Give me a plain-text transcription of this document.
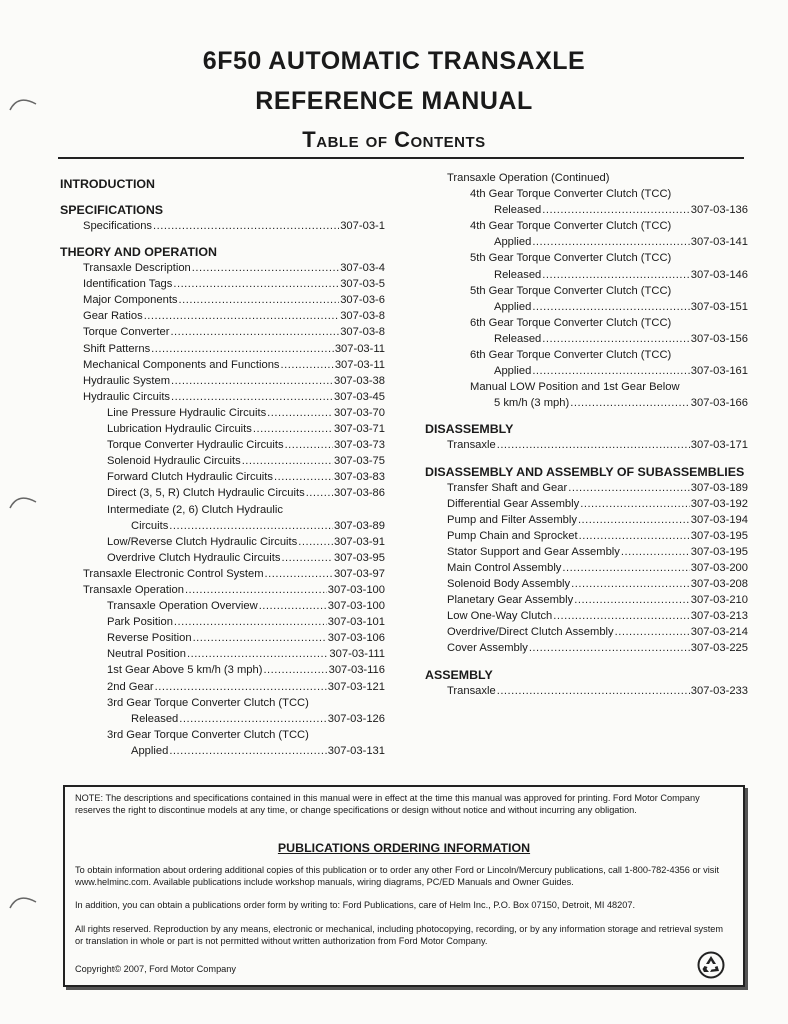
6F50 AUTOMATIC TRANSAXLE
REFERENCE MANUAL
Table of Contents
INTRODUCTION
SPECIFICATIONS
Specifications .....	307-03-1
THEORY AND OPERATION
Transaxle Description .....	307-03-4
Identification Tags .....	307-03-5
Major Components .....	307-03-6
Gear Ratios .....	307-03-8
Torque Converter .....	307-03-8
Shift Patterns .....	307-03-11
Mechanical Components and Functions .....	307-03-11
Hydraulic System .....	307-03-38
Hydraulic Circuits .....	307-03-45
Line Pressure Hydraulic Circuits .....	307-03-70
Lubrication Hydraulic Circuits .....	307-03-71
Torque Converter Hydraulic Circuits .....	307-03-73
Solenoid Hydraulic Circuits .....	307-03-75
Forward Clutch Hydraulic Circuits .....	307-03-83
Direct (3, 5, R) Clutch Hydraulic Circuits .....	307-03-86
Intermediate (2, 6) Clutch Hydraulic
Circuits .....	307-03-89
Low/Reverse Clutch Hydraulic Circuits .....	307-03-91
Overdrive Clutch Hydraulic Circuits .....	307-03-95
Transaxle Electronic Control System .....	307-03-97
Transaxle Operation .....	307-03-100
Transaxle Operation Overview .....	307-03-100
Park Position .....	307-03-101
Reverse Position .....	307-03-106
Neutral Position .....	307-03-111
1st Gear Above 5 km/h (3 mph) .....	307-03-116
2nd Gear .....	307-03-121
3rd Gear Torque Converter Clutch (TCC)
Released .....	307-03-126
3rd Gear Torque Converter Clutch (TCC)
Applied .....	307-03-131
Transaxle Operation (Continued)
4th Gear Torque Converter Clutch (TCC)
Released .....	307-03-136
4th Gear Torque Converter Clutch (TCC)
Applied .....	307-03-141
5th Gear Torque Converter Clutch (TCC)
Released .....	307-03-146
5th Gear Torque Converter Clutch (TCC)
Applied .....	307-03-151
6th Gear Torque Converter Clutch (TCC)
Released .....	307-03-156
6th Gear Torque Converter Clutch (TCC)
Applied .....	307-03-161
Manual LOW Position and 1st Gear Below
5 km/h (3 mph) .....	307-03-166
DISASSEMBLY
Transaxle .....	307-03-171
DISASSEMBLY AND ASSEMBLY OF SUBASSEMBLIES
Transfer Shaft and Gear .....	307-03-189
Differential Gear Assembly .....	307-03-192
Pump and Filter Assembly .....	307-03-194
Pump Chain and Sprocket .....	307-03-195
Stator Support and Gear Assembly .....	307-03-195
Main Control Assembly .....	307-03-200
Solenoid Body Assembly .....	307-03-208
Planetary Gear Assembly .....	307-03-210
Low One-Way Clutch .....	307-03-213
Overdrive/Direct Clutch Assembly .....	307-03-214
Cover Assembly .....	307-03-225
ASSEMBLY
Transaxle .....	307-03-233

NOTE: The descriptions and specifications contained in this manual were in effect at the time this manual was approved for printing. Ford Motor Company reserves the right to discontinue models at any time, or change specifications or design without notice and without incurring any obligation.

PUBLICATIONS ORDERING INFORMATION

To obtain information about ordering additional copies of this publication or to order any other Ford or Lincoln/Mercury publications, call 1-800-782-4356 or visit www.helminc.com. Available publications include workshop manuals, wiring diagrams, PC/ED Manuals and Owner Guides.

In addition, you can obtain a publications order form by writing to: Ford Publications, care of Helm Inc., P.O. Box 07150, Detroit, MI 48207.

All rights reserved. Reproduction by any means, electronic or mechanical, including photocopying, recording, or by any information storage and retrieval system or translation in whole or part is not permitted without written authorization from Ford Motor Company.

Copyright© 2007, Ford Motor Company
